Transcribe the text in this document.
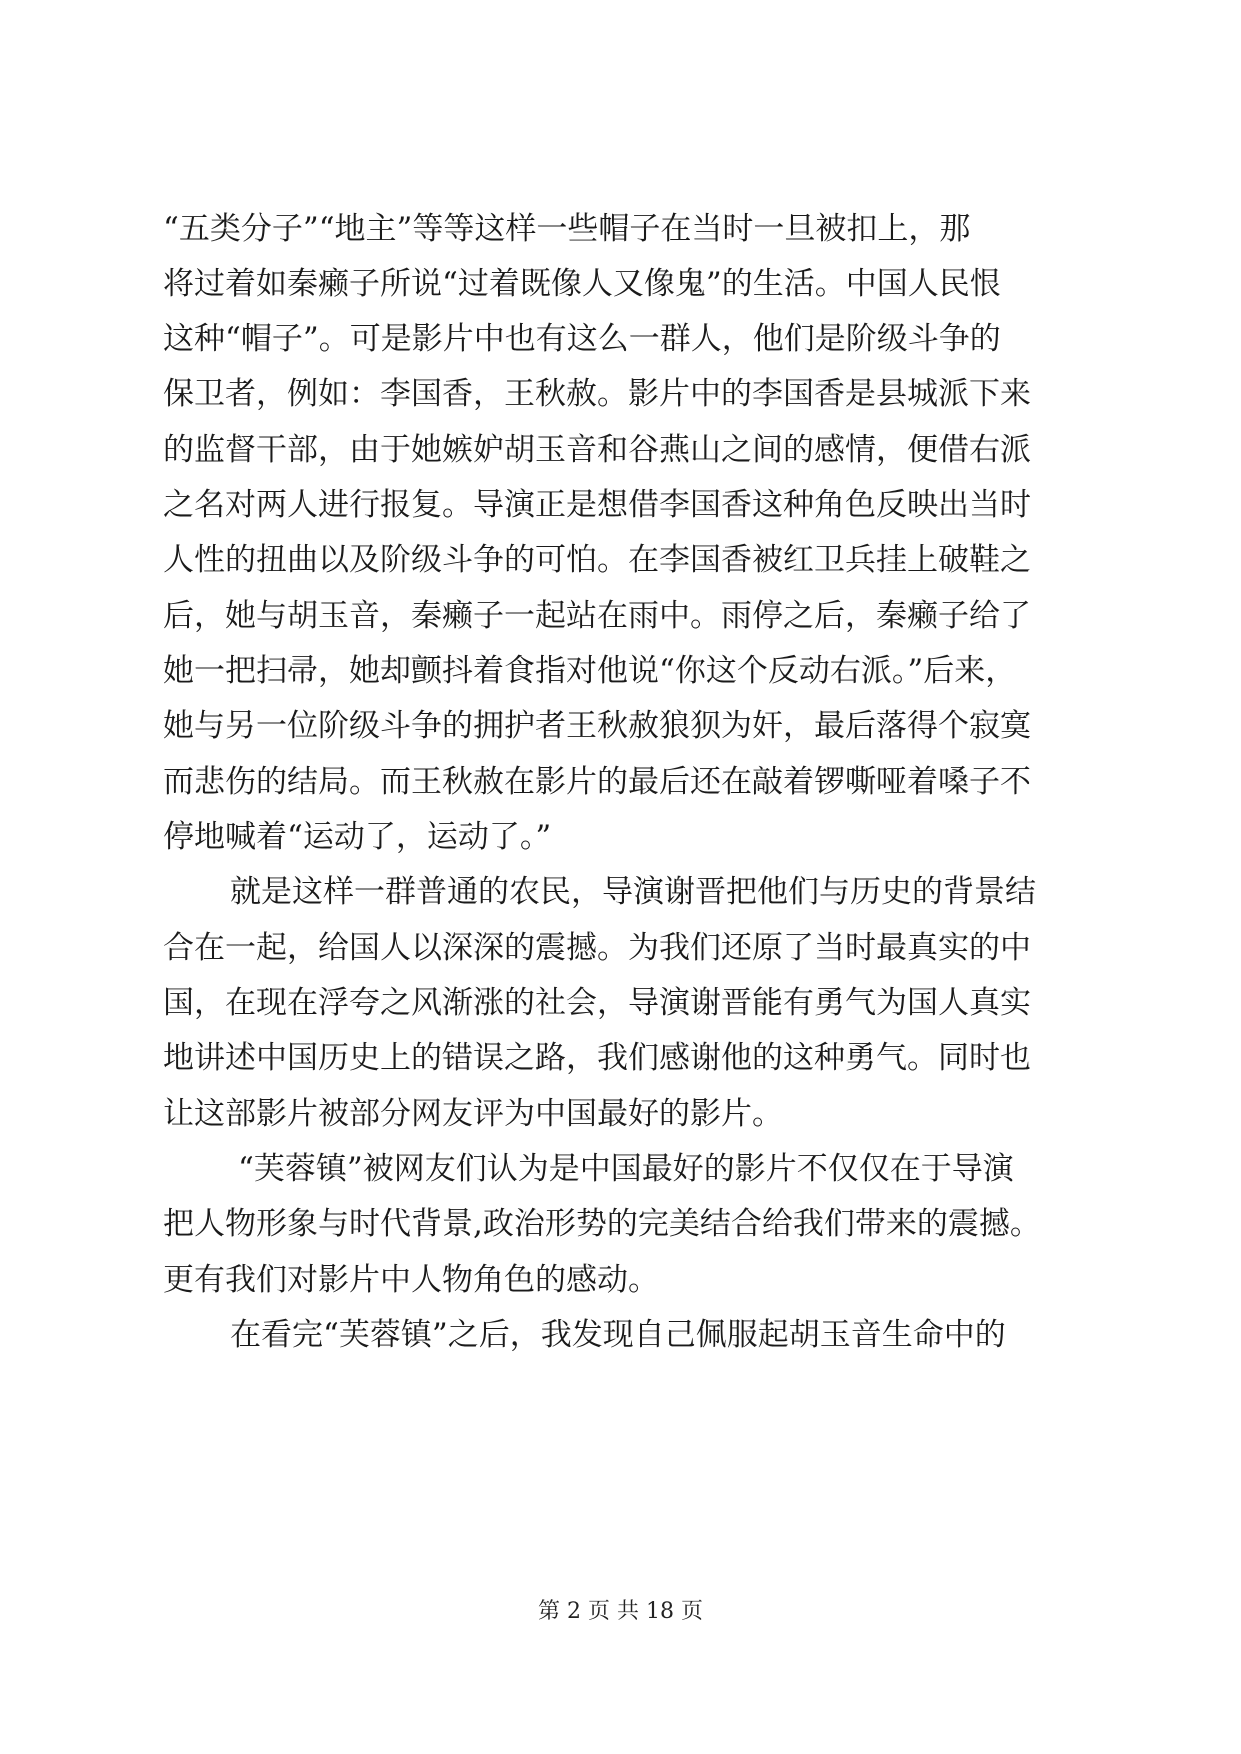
“五类分子”“地主”等等这样一些帽子在当时一旦被扣上，那
将过着如秦癞子所说“过着既像人又像鬼”的生活。中国人民恨
这种“帽子”。可是影片中也有这么一群人，他们是阶级斗争的
保卫者，例如：李国香，王秋赦。影片中的李国香是县城派下来
的监督干部，由于她嫉妒胡玉音和谷燕山之间的感情，便借右派
之名对两人进行报复。导演正是想借李国香这种角色反映出当时
人性的扭曲以及阶级斗争的可怕。在李国香被红卫兵挂上破鞋之
后，她与胡玉音，秦癞子一起站在雨中。雨停之后，秦癞子给了
她一把扫帚，她却颤抖着食指对他说“你这个反动右派。”后来，
她与另一位阶级斗争的拥护者王秋赦狼狈为奸，最后落得个寂寞
而悲伤的结局。而王秋赦在影片的最后还在敲着锣嘶哑着嗓子不
停地喊着“运动了，运动了。”
就是这样一群普通的农民，导演谢晋把他们与历史的背景结
合在一起，给国人以深深的震撼。为我们还原了当时最真实的中
国，在现在浮夸之风渐涨的社会，导演谢晋能有勇气为国人真实
地讲述中国历史上的错误之路，我们感谢他的这种勇气。同时也
让这部影片被部分网友评为中国最好的影片。
“芙蓉镇”被网友们认为是中国最好的影片不仅仅在于导演
把人物形象与时代背景,政治形势的完美结合给我们带来的震撼。
更有我们对影片中人物角色的感动。
在看完“芙蓉镇”之后，我发现自己佩服起胡玉音生命中的
第 2 页 共 18 页
